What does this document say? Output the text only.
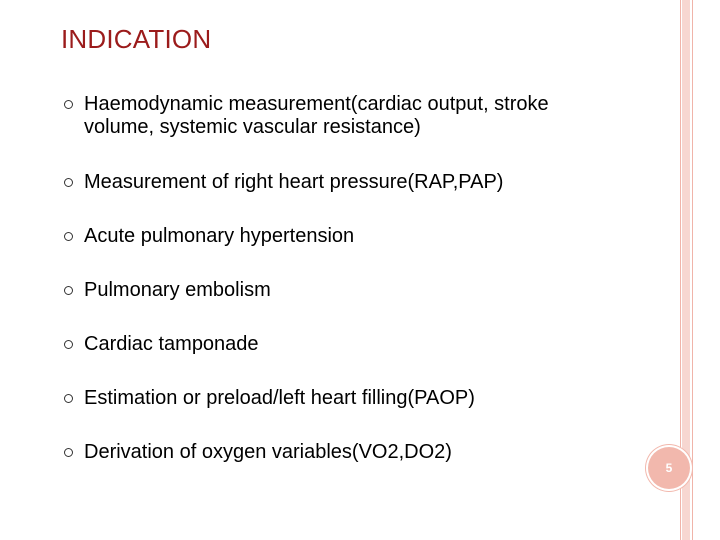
INDICATION
Haemodynamic measurement(cardiac output, stroke volume, systemic vascular resistance)
Measurement of right heart pressure(RAP,PAP)
Acute pulmonary hypertension
Pulmonary embolism
Cardiac tamponade
Estimation or preload/left heart filling(PAOP)
Derivation of oxygen variables(VO2,DO2)
5
